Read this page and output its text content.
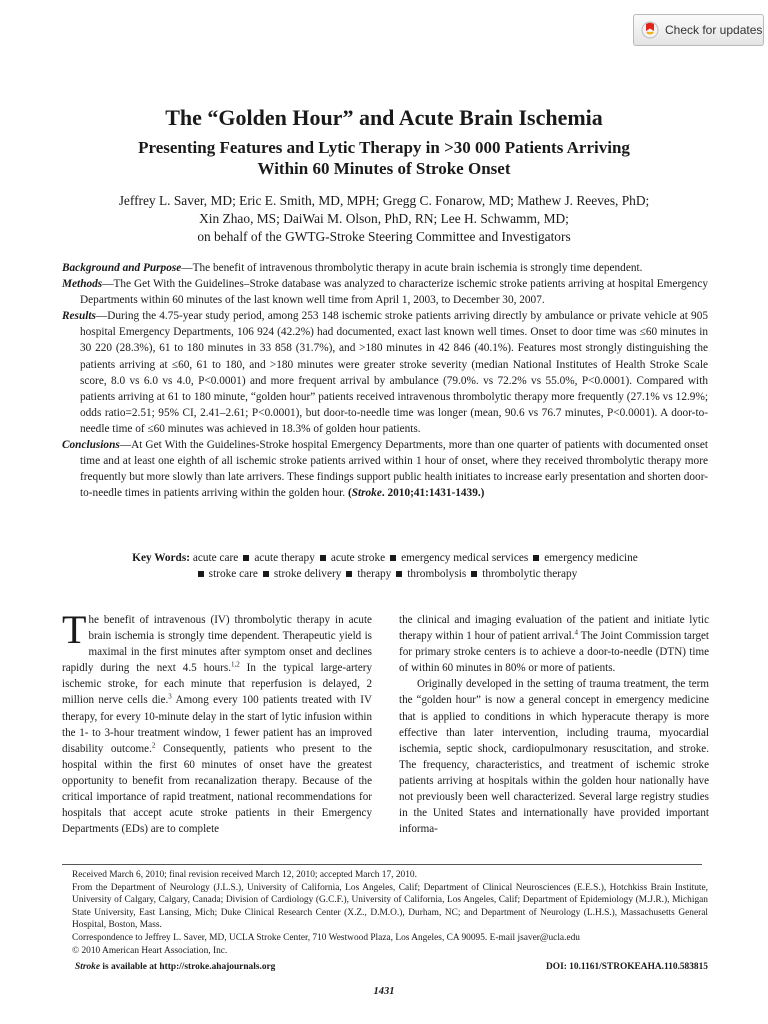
Check for updates
The “Golden Hour” and Acute Brain Ischemia
Presenting Features and Lytic Therapy in >30 000 Patients Arriving Within 60 Minutes of Stroke Onset
Jeffrey L. Saver, MD; Eric E. Smith, MD, MPH; Gregg C. Fonarow, MD; Mathew J. Reeves, PhD;
Xin Zhao, MS; DaiWai M. Olson, PhD, RN; Lee H. Schwamm, MD;
on behalf of the GWTG-Stroke Steering Committee and Investigators

Background and Purpose—The benefit of intravenous thrombolytic therapy in acute brain ischemia is strongly time dependent.

Methods—The Get With the Guidelines–Stroke database was analyzed to characterize ischemic stroke patients arriving at hospital Emergency Departments within 60 minutes of the last known well time from April 1, 2003, to December 30, 2007.

Results—During the 4.75-year study period, among 253 148 ischemic stroke patients arriving directly by ambulance or private vehicle at 905 hospital Emergency Departments, 106 924 (42.2%) had documented, exact last known well times. Onset to door time was ≤60 minutes in 30 220 (28.3%), 61 to 180 minutes in 33 858 (31.7%), and >180 minutes in 42 846 (40.1%). Features most strongly distinguishing the patients arriving at ≤60, 61 to 180, and >180 minutes were greater stroke severity (median National Institutes of Health Stroke Scale score, 8.0 vs 6.0 vs 4.0, P<0.0001) and more frequent arrival by ambulance (79.0%. vs 72.2% vs 55.0%, P<0.0001). Compared with patients arriving at 61 to 180 minute, “golden hour” patients received intravenous thrombolytic therapy more frequently (27.1% vs 12.9%; odds ratio=2.51; 95% CI, 2.41–2.61; P<0.0001), but door-to-needle time was longer (mean, 90.6 vs 76.7 minutes, P<0.0001). A door-to-needle time of ≤60 minutes was achieved in 18.3% of golden hour patients.

Conclusions—At Get With the Guidelines-Stroke hospital Emergency Departments, more than one quarter of patients with documented onset time and at least one eighth of all ischemic stroke patients arrived within 1 hour of onset, where they received thrombolytic therapy more frequently but more slowly than late arrivers. These findings support public health initiates to increase early presentation and shorten door-to-needle times in patients arriving within the golden hour. (Stroke. 2010;41:1431-1439.)

Key Words: acute care acute therapy acute stroke emergency medical services emergency medicine
stroke care stroke delivery therapy thrombolysis thrombolytic therapy

The benefit of intravenous (IV) thrombolytic therapy in acute brain ischemia is strongly time dependent. Therapeutic yield is maximal in the first minutes after symptom onset and declines rapidly during the next 4.5 hours.$^{1,2}$ In the typical large-artery ischemic stroke, for each minute that reperfusion is delayed, 2 million nerve cells die.$^3$ Among every 100 patients treated with IV therapy, for every 10-minute delay in the start of lytic infusion within the 1- to 3-hour treatment window, 1 fewer patient has an improved disability outcome.$^2$ Consequently, patients who present to the hospital within the first 60 minutes of onset have the greatest opportunity to benefit from recanalization therapy. Because of the critical importance of rapid treatment, national recommendations for hospitals that accept acute stroke patients in their Emergency Departments (EDs) are to complete

the clinical and imaging evaluation of the patient and initiate lytic therapy within 1 hour of patient arrival.$^4$ The Joint Commission target for primary stroke centers is to achieve a door-to-needle (DTN) time of within 60 minutes in 80% or more of patients.

Originally developed in the setting of trauma treatment, the term the “golden hour” is now a general concept in emergency medicine that is applied to conditions in which hyperacute therapy is more effective than later intervention, including trauma, myocardial ischemia, septic shock, cardiopulmonary resuscitation, and stroke. The frequency, characteristics, and treatment of ischemic stroke patients arriving at hospitals within the golden hour nationally have not previously been well characterized. Several large registry studies in the United States and internationally have provided important informa-

Received March 6, 2010; final revision received March 12, 2010; accepted March 17, 2010.

From the Department of Neurology (J.L.S.), University of California, Los Angeles, Calif; Department of Clinical Neurosciences (E.E.S.), Hotchkiss Brain Institute, University of Calgary, Calgary, Canada; Division of Cardiology (G.C.F.), University of California, Los Angeles, Calif; Department of Epidemiology (M.J.R.), Michigan State University, East Lansing, Mich; Duke Clinical Research Center (X.Z., D.M.O.), Durham, NC; and Department of Neurology (L.H.S.), Massachusetts General Hospital, Boston, Mass.

Correspondence to Jeffrey L. Saver, MD, UCLA Stroke Center, 710 Westwood Plaza, Los Angeles, CA 90095. E-mail jsaver@ucla.edu

© 2010 American Heart Association, Inc.

Stroke is available at http://stroke.ahajournals.org	DOI: 10.1161/STROKEAHA.110.583815
1431
